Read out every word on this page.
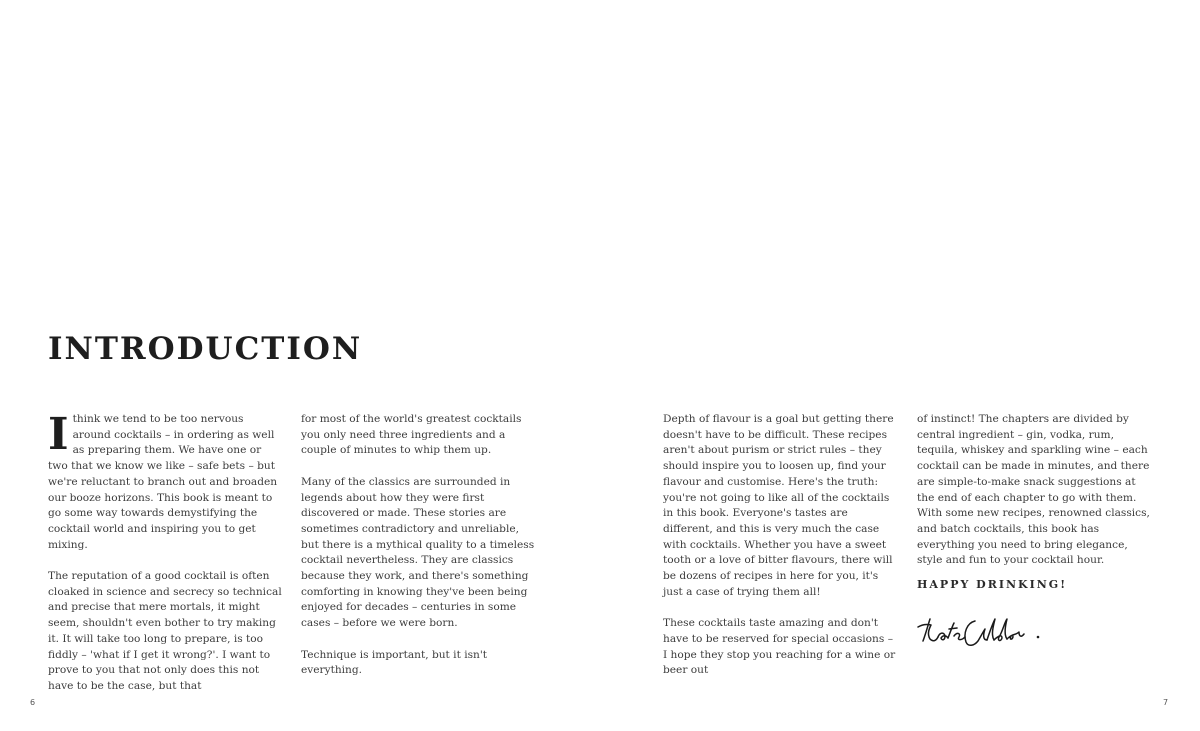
INTRODUCTION

Ithink we tend to be too nervous around cocktails – in ordering as well as preparing them. We have one or two that we know we like – safe bets – but we're reluctant to branch out and broaden our booze horizons. This book is meant to go some way towards demystifying the cocktail world and inspiring you to get mixing.

The reputation of a good cocktail is often cloaked in science and secrecy so technical and precise that mere mortals, it might seem, shouldn't even bother to try making it. It will take too long to prepare, is too fiddly – 'what if I get it wrong?'. I want to prove to you that not only does this not have to be the case, but that

for most of the world's greatest cocktails you only need three ingredients and a couple of minutes to whip them up.

Many of the classics are surrounded in legends about how they were first discovered or made. These stories are sometimes contradictory and unreliable, but there is a mythical quality to a timeless cocktail nevertheless. They are classics because they work, and there's something comforting in knowing they've been being enjoyed for decades – centuries in some cases – before we were born.

Technique is important, but it isn't everything.

Depth of flavour is a goal but getting there doesn't have to be difficult. These recipes aren't about purism or strict rules – they should inspire you to loosen up, find your flavour and customise. Here's the truth: you're not going to like all of the cocktails in this book. Everyone's tastes are different, and this is very much the case with cocktails. Whether you have a sweet tooth or a love of bitter flavours, there will be dozens of recipes in here for you, it's just a case of trying them all!

These cocktails taste amazing and don't have to be reserved for special occasions – I hope they stop you reaching for a wine or beer out

of instinct! The chapters are divided by central ingredient – gin, vodka, rum, tequila, whiskey and sparkling wine – each cocktail can be made in minutes, and there are simple-to-make snack suggestions at the end of each chapter to go with them. With some new recipes, renowned classics, and batch cocktails, this book has everything you need to bring elegance, style and fun to your cocktail hour.

HAPPY DRINKING!
6	7
